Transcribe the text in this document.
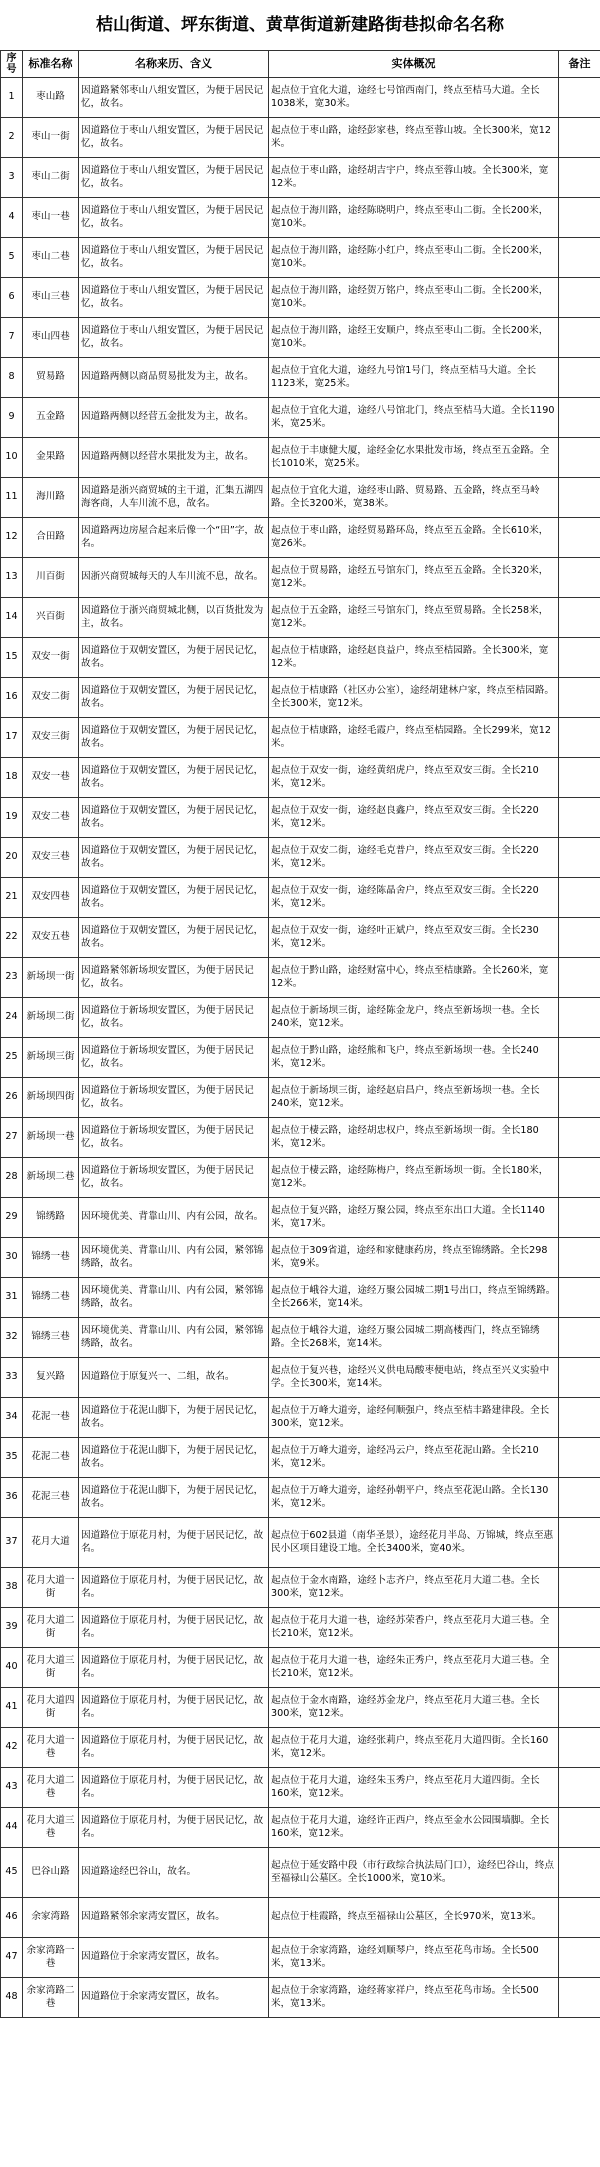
桔山街道、坪东街道、黄草街道新建路街巷拟命名名称
序号	标准名称	名称来历、含义	实体概况	备注
1	枣山路	因道路紧邻枣山八组安置区，为便于居民记忆，故名。	起点位于宜化大道，途经七号馆西南门，终点至桔马大道。全长1038米，宽30米。	
2	枣山一街	因道路位于枣山八组安置区，为便于居民记忆，故名。	起点位于枣山路，途经彭家巷，终点至蓉山坡。全长300米，宽12米。	
3	枣山二街	因道路位于枣山八组安置区，为便于居民记忆，故名。	起点位于枣山路，途经胡吉宇户，终点至蓉山坡。全长300米，宽12米。	
4	枣山一巷	因道路位于枣山八组安置区，为便于居民记忆，故名。	起点位于海川路，途经陈晓明户，终点至枣山二街。全长200米，宽10米。	
5	枣山二巷	因道路位于枣山八组安置区，为便于居民记忆，故名。	起点位于海川路，途经陈小红户，终点至枣山二街。全长200米，宽10米。	
6	枣山三巷	因道路位于枣山八组安置区，为便于居民记忆，故名。	起点位于海川路，途经贺万铭户，终点至枣山二街。全长200米，宽10米。	
7	枣山四巷	因道路位于枣山八组安置区，为便于居民记忆，故名。	起点位于海川路，途经王安顺户，终点至枣山二街。全长200米，宽10米。	
8	贸易路	因道路两侧以商品贸易批发为主，故名。	起点位于宜化大道，途经九号馆1号门，终点至桔马大道。全长1123米，宽25米。	
9	五金路	因道路两侧以经营五金批发为主，故名。	起点位于宜化大道，途经八号馆北门，终点至桔马大道。全长1190米，宽25米。	
10	金果路	因道路两侧以经营水果批发为主，故名。	起点位于丰康健大厦，途经金亿水果批发市场，终点至五金路。全长1010米，宽25米。	
11	海川路	因道路是浙兴商贸城的主干道，汇集五湖四海客商，人车川流不息，故名。	起点位于宜化大道，途经枣山路、贸易路、五金路，终点至马岭路。全长3200米，宽38米。	
12	合田路	因道路两边房屋合起来后像一个“田”字，故名。	起点位于枣山路，途经贸易路环岛，终点至五金路。全长610米，宽26米。	
13	川百街	因浙兴商贸城每天的人车川流不息，故名。	起点位于贸易路，途经五号馆东门，终点至五金路。全长320米，宽12米。	
14	兴百街	因道路位于浙兴商贸城北侧，以百货批发为主，故名。	起点位于五金路，途经三号馆东门，终点至贸易路。全长258米，宽12米。	
15	双安一街	因道路位于双朝安置区，为便于居民记忆，故名。	起点位于桔康路，途经赵良益户，终点至桔园路。全长300米，宽12米。	
16	双安二街	因道路位于双朝安置区，为便于居民记忆，故名。	起点位于桔康路（社区办公室），途经胡建林户家，终点至桔园路。全长300米，宽12米。	
17	双安三街	因道路位于双朝安置区，为便于居民记忆，故名。	起点位于桔康路，途经毛霞户，终点至桔园路。全长299米，宽12米。	
18	双安一巷	因道路位于双朝安置区，为便于居民记忆，故名。	起点位于双安一街，途经黄绍虎户，终点至双安三街。全长210米，宽12米。	
19	双安二巷	因道路位于双朝安置区，为便于居民记忆，故名。	起点位于双安一街，途经赵良鑫户，终点至双安三街。全长220米，宽12米。	
20	双安三巷	因道路位于双朝安置区，为便于居民记忆，故名。	起点位于双安二街，途经毛克普户，终点至双安三街。全长220米，宽12米。	
21	双安四巷	因道路位于双朝安置区，为便于居民记忆，故名。	起点位于双安一街，途经陈晶舍户，终点至双安三街。全长220米，宽12米。	
22	双安五巷	因道路位于双朝安置区，为便于居民记忆，故名。	起点位于双安一街，途经叶正斌户，终点至双安三街。全长230米，宽12米。	
23	新场坝一街	因道路紧邻新场坝安置区，为便于居民记忆，故名。	起点位于黔山路，途经财富中心，终点至桔康路。全长260米，宽12米。	
24	新场坝二街	因道路位于新场坝安置区，为便于居民记忆，故名。	起点位于新场坝三街，途经陈金龙户，终点至新场坝一巷。全长240米，宽12米。	
25	新场坝三街	因道路位于新场坝安置区，为便于居民记忆，故名。	起点位于黔山路，途经熊和飞户，终点至新场坝一巷。全长240米，宽12米。	
26	新场坝四街	因道路位于新场坝安置区，为便于居民记忆，故名。	起点位于新场坝三街，途经赵启昌户，终点至新场坝一巷。全长240米，宽12米。	
27	新场坝一巷	因道路位于新场坝安置区，为便于居民记忆，故名。	起点位于棲云路，途经胡忠权户，终点至新场坝一街。全长180米，宽12米。	
28	新场坝二巷	因道路位于新场坝安置区，为便于居民记忆，故名。	起点位于棲云路，途经陈梅户，终点至新场坝一街。全长180米，宽12米。	
29	锦绣路	因环境优美、背靠山川、内有公园，故名。	起点位于复兴路，途经万聚公园，终点至东出口大道。全长1140米，宽17米。	
30	锦绣一巷	因环境优美、背靠山川、内有公园，紧邻锦绣路，故名。	起点位于309省道，途经和家健康药房，终点至锦绣路。全长298米，宽9米。	
31	锦绣二巷	因环境优美、背靠山川、内有公园，紧邻锦绣路，故名。	起点位于峨谷大道，途经万聚公园城二期1号出口，终点至锦绣路。全长266米，宽14米。	
32	锦绣三巷	因环境优美、背靠山川、内有公园，紧邻锦绣路，故名。	起点位于峨谷大道，途经万聚公园城二期高楼西门，终点至锦绣路。全长268米，宽14米。	
33	复兴路	因道路位于原复兴一、二组，故名。	起点位于复兴巷，途经兴义供电局酸枣便电站，终点至兴义实验中学。全长300米，宽14米。	
34	花泥一巷	因道路位于花泥山脚下，为便于居民记忆，故名。	起点位于万峰大道旁，途经何顺强户，终点至桔丰路建律段。全长300米，宽12米。	
35	花泥二巷	因道路位于花泥山脚下，为便于居民记忆，故名。	起点位于万峰大道旁，途经冯云户，终点至花泥山路。全长210米，宽12米。	
36	花泥三巷	因道路位于花泥山脚下，为便于居民记忆，故名。	起点位于万峰大道旁，途经孙朝平户，终点至花泥山路。全长130米，宽12米。	
37	花月大道	因道路位于原花月村，为便于居民记忆，故名。	起点位于602县道（南华圣景），途经花月半岛、万锦城，终点至惠民小区项目建设工地。全长3400米，宽40米。	
38	花月大道一街	因道路位于原花月村，为便于居民记忆，故名。	起点位于金水南路，途经卜志齐户，终点至花月大道二巷。全长300米，宽12米。	
39	花月大道二街	因道路位于原花月村，为便于居民记忆，故名。	起点位于花月大道一巷，途经苏荣香户，终点至花月大道三巷。全长210米，宽12米。	
40	花月大道三街	因道路位于原花月村，为便于居民记忆，故名。	起点位于花月大道一巷，途经朱正秀户，终点至花月大道三巷。全长210米，宽12米。	
41	花月大道四街	因道路位于原花月村，为便于居民记忆，故名。	起点位于金水南路，途经苏金龙户，终点至花月大道三巷。全长300米，宽12米。	
42	花月大道一巷	因道路位于原花月村，为便于居民记忆，故名。	起点位于花月大道，途经张莉户，终点至花月大道四街。全长160米，宽12米。	
43	花月大道二巷	因道路位于原花月村，为便于居民记忆，故名。	起点位于花月大道，途经朱玉秀户，终点至花月大道四街。全长160米，宽12米。	
44	花月大道三巷	因道路位于原花月村，为便于居民记忆，故名。	起点位于花月大道，途经许正西户，终点至金水公园围墙脚。全长160米，宽12米。	
45	巴谷山路	因道路途经巴谷山，故名。	起点位于延安路中段（市行政综合执法局门口），途经巴谷山，终点至福禄山公墓区。全长1000米，宽10米。	
46	余家湾路	因道路紧邻余家湾安置区，故名。	起点位于桂霞路，终点至福禄山公墓区，全长970米，宽13米。	
47	余家湾路一巷	因道路位于余家湾安置区，故名。	起点位于余家湾路，途经刘顺琴户，终点至花鸟市场。全长500米，宽13米。	
48	余家湾路二巷	因道路位于余家湾安置区，故名。	起点位于余家湾路，途经蒋家祥户，终点至花鸟市场。全长500米，宽13米。	
